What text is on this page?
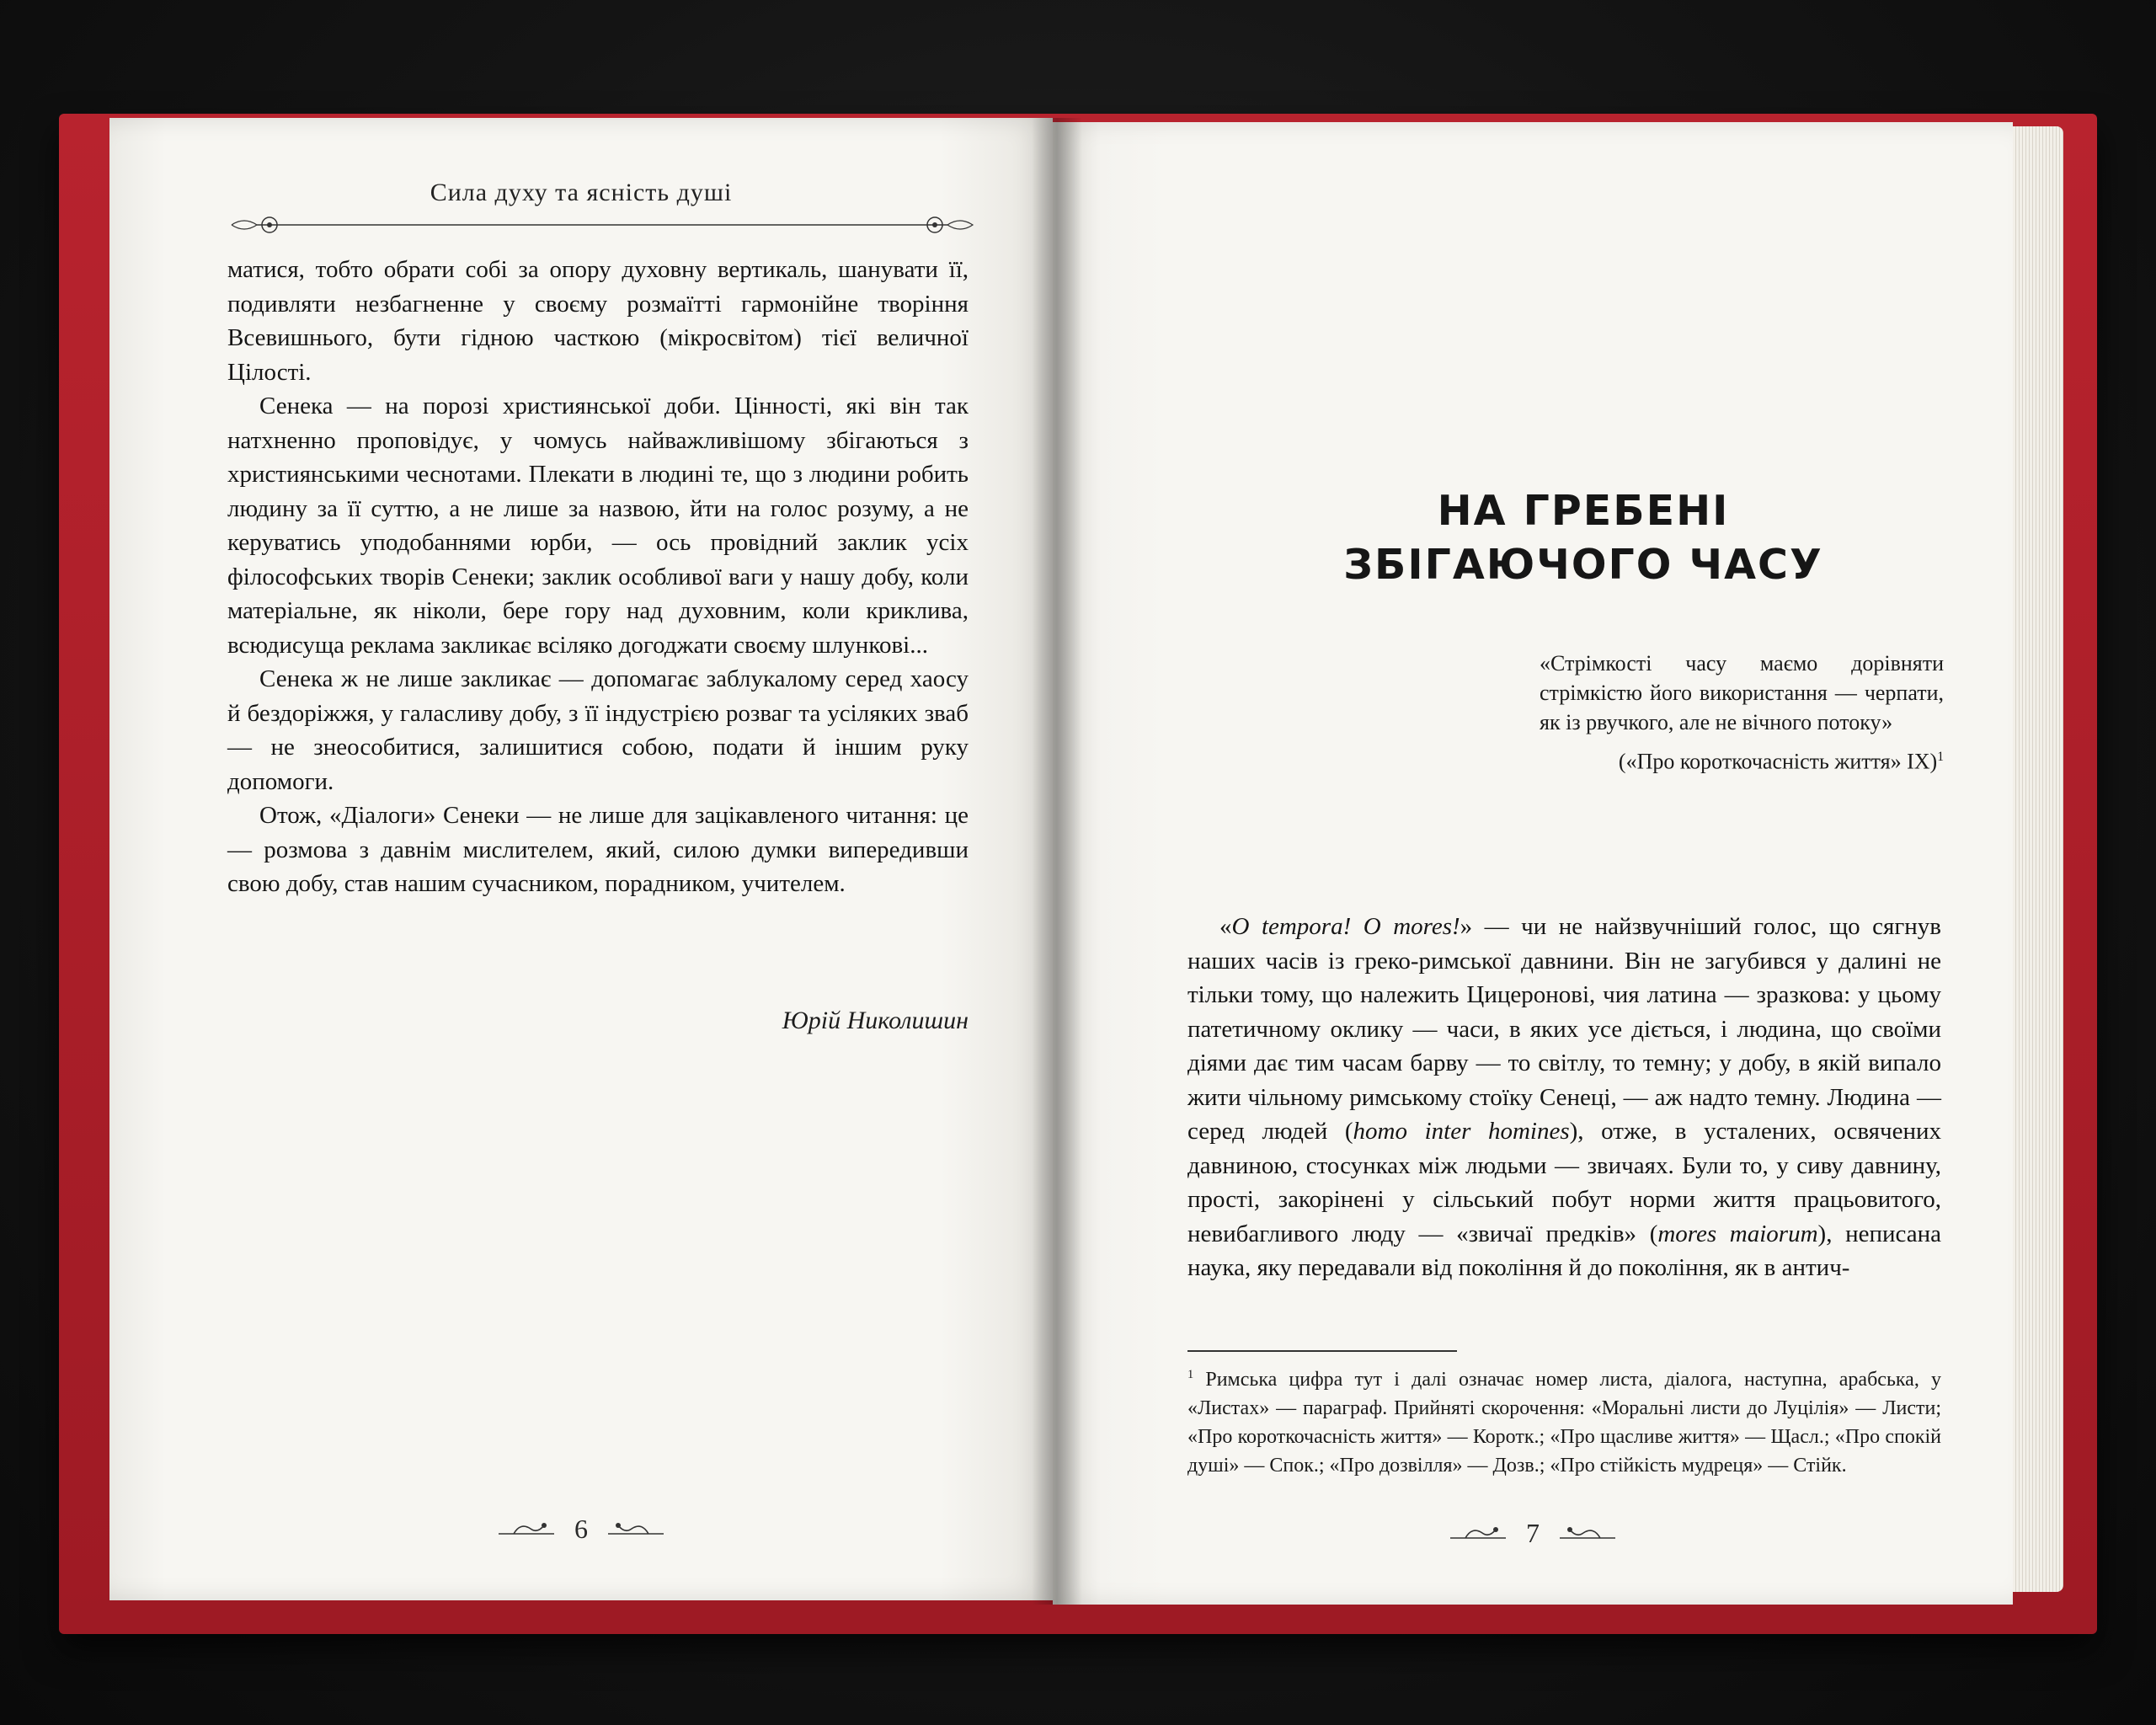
Сила духу та ясність душі

матися, тобто обрати собі за опору духовну вертикаль, шанувати її, подивляти незбагненне у своєму розмаїтті гармонійне творіння Всевишнього, бути гідною часткою (мікросвітом) тієї величної Цілості.

Сенека — на порозі християнської доби. Цінності, які він так натхненно проповідує, у чомусь найважливішому збігаються з християнськими чеснотами. Плекати в людині те, що з людини робить людину за її суттю, а не лише за назвою, йти на голос розуму, а не керуватись уподобаннями юрби, — ось провідний заклик усіх філософських творів Сенеки; заклик особливої ваги у нашу добу, коли матеріальне, як ніколи, бере гору над духовним, коли криклива, всюдисуща реклама закликає всіляко догоджати своєму шлункові...

Сенека ж не лише закликає — допомагає заблукалому серед хаосу й бездоріжжя, у галасливу добу, з її індустрією розваг та усіляких зваб — не знеособитися, залишитися собою, подати й іншим руку допомоги.

Отож, «Діалоги» Сенеки — не лише для зацікавленого читання: це — розмова з давнім мислителем, який, силою думки випередивши свою добу, став нашим сучасником, порадником, учителем.

Юрій Николишин
6
НА ГРЕБЕНІ
ЗБІГАЮЧОГО ЧАСУ
«Стрімкості часу маємо дорівняти стрімкістю його використання — черпати, як із рвучкого, але не вічного потоку»
(«Про короткочасність життя» IX)$^1$

«O tempora! O mores!» — чи не найзвучніший голос, що сягнув наших часів із греко-римської давнини. Він не загубився у далині не тільки тому, що належить Цицеронові, чия латина — зразкова: у цьому патетичному оклику — часи, в яких усе діється, і людина, що своїми діями дає тим часам барву — то світлу, то темну; у добу, в якій випало жити чільному римському стоїку Сенеці, — аж надто темну. Людина — серед людей (homo inter homines), отже, в усталених, освячених давниною, стосунках між людьми — звичаях. Були то, у сиву давнину, прості, закорінені у сільський побут норми життя працьовитого, невибагливого люду — «звичаї предків» (mores maiorum), неписана наука, яку передавали від покоління й до покоління, як в антич-

$^1$ Римська цифра тут і далі означає номер листа, діалога, наступна, арабська, у «Листах» — параграф. Прийняті скорочення: «Моральні листи до Луцілія» — Листи; «Про короткочасність життя» — Коротк.; «Про щасливе життя» — Щасл.; «Про спокій душі» — Спок.; «Про дозвілля» — Дозв.; «Про стійкість мудреця» — Стійк.
7
